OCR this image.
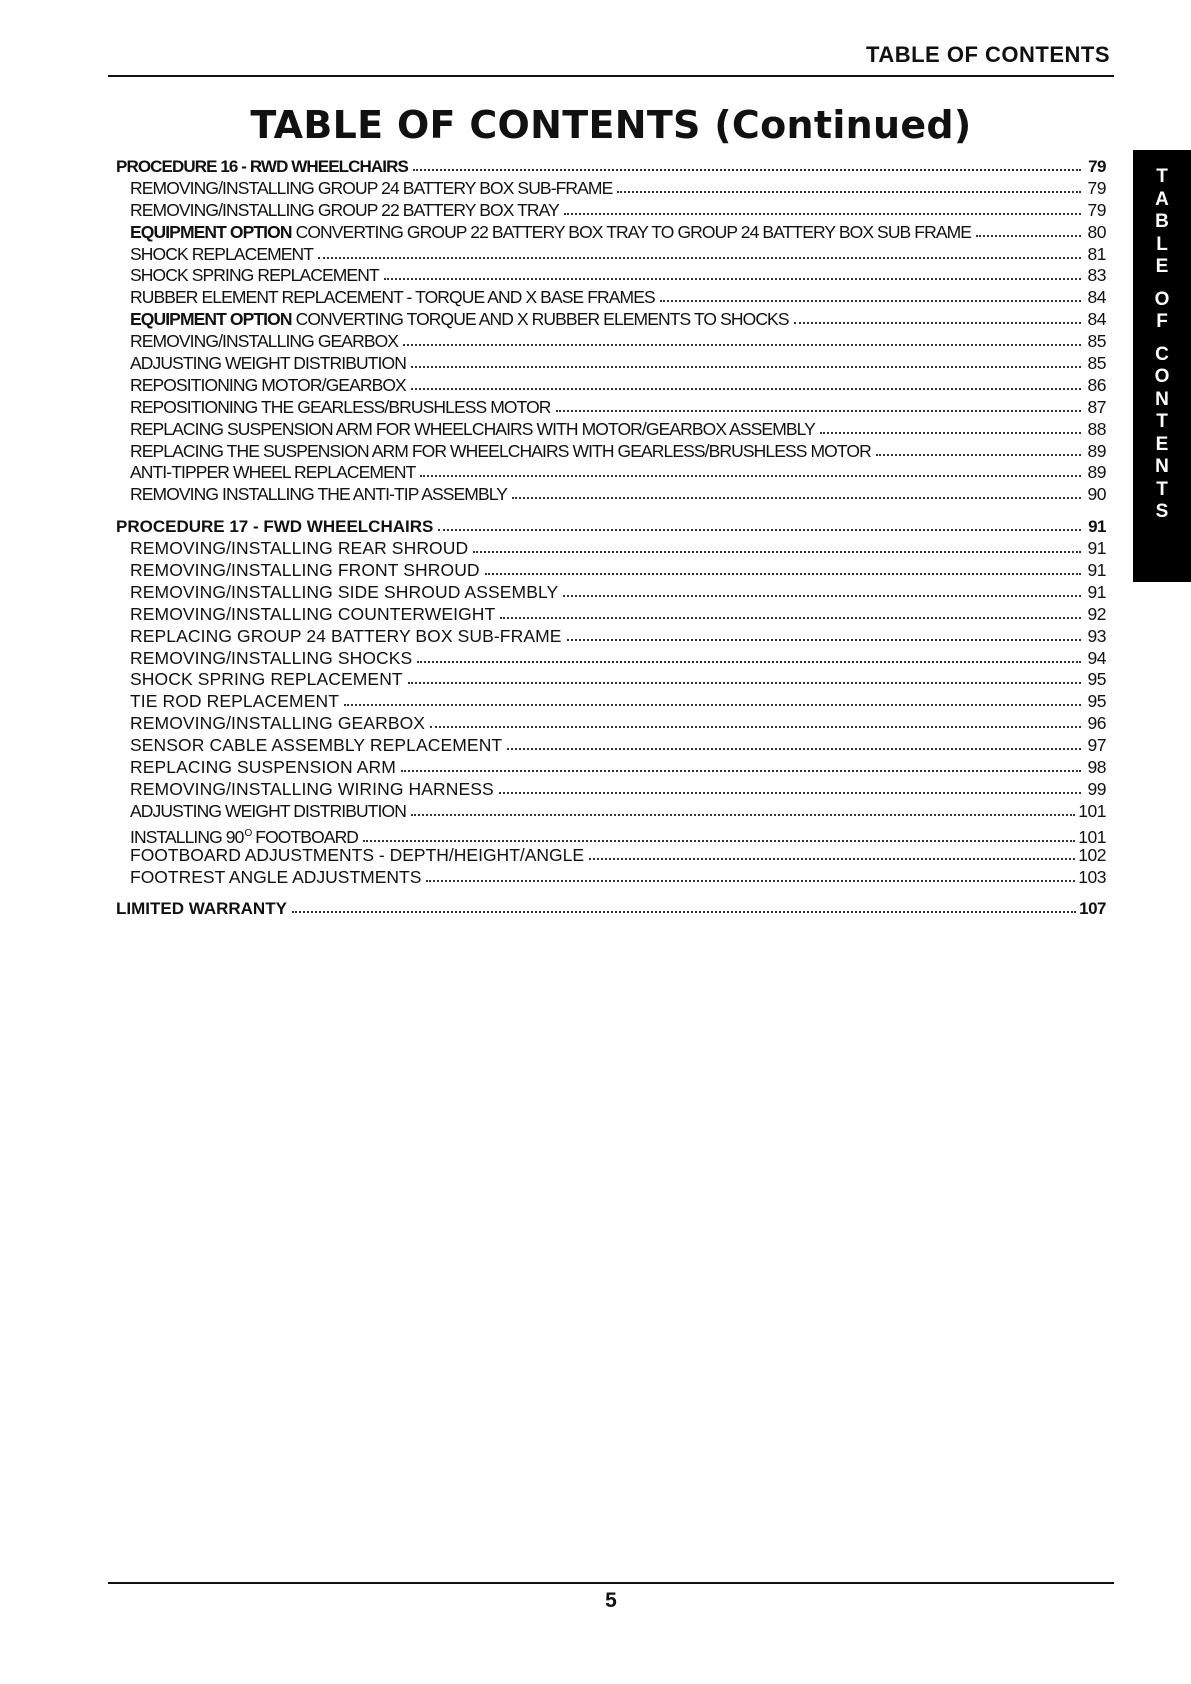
TABLE OF CONTENTS
TABLE OF CONTENTS (Continued)
T
A
B
L
E
O
F
C
O
N
T
E
N
T
S
PROCEDURE 16 - RWD WHEELCHAIRS	79
REMOVING/INSTALLING GROUP 24 BATTERY BOX SUB-FRAME	79
REMOVING/INSTALLING GROUP 22 BATTERY BOX TRAY	79
EQUIPMENT OPTION CONVERTING GROUP 22 BATTERY BOX TRAY TO GROUP 24 BATTERY BOX SUB FRAME	80
SHOCK REPLACEMENT	81
SHOCK SPRING REPLACEMENT	83
RUBBER ELEMENT REPLACEMENT - TORQUE AND X BASE FRAMES	84
EQUIPMENT OPTION CONVERTING TORQUE AND X RUBBER ELEMENTS TO SHOCKS	84
REMOVING/INSTALLING GEARBOX	85
ADJUSTING WEIGHT DISTRIBUTION	85
REPOSITIONING MOTOR/GEARBOX	86
REPOSITIONING THE GEARLESS/BRUSHLESS MOTOR	87
REPLACING SUSPENSION ARM FOR WHEELCHAIRS WITH MOTOR/GEARBOX ASSEMBLY	88
REPLACING THE SUSPENSION ARM FOR WHEELCHAIRS WITH GEARLESS/BRUSHLESS MOTOR	89
ANTI-TIPPER WHEEL REPLACEMENT	89
REMOVING INSTALLING THE ANTI-TIP ASSEMBLY	90
PROCEDURE 17 - FWD WHEELCHAIRS	91
REMOVING/INSTALLING REAR SHROUD	91
REMOVING/INSTALLING FRONT SHROUD	91
REMOVING/INSTALLING SIDE SHROUD ASSEMBLY	91
REMOVING/INSTALLING COUNTERWEIGHT	92
REPLACING GROUP 24 BATTERY BOX SUB-FRAME	93
REMOVING/INSTALLING SHOCKS	94
SHOCK SPRING REPLACEMENT	95
TIE ROD REPLACEMENT	95
REMOVING/INSTALLING GEARBOX	96
SENSOR CABLE ASSEMBLY REPLACEMENT	97
REPLACING SUSPENSION ARM	98
REMOVING/INSTALLING WIRING HARNESS	99
ADJUSTING WEIGHT DISTRIBUTION	101
INSTALLING $90^O$ FOOTBOARD	101
FOOTBOARD ADJUSTMENTS - DEPTH/HEIGHT/ANGLE	102
FOOTREST ANGLE ADJUSTMENTS	103
LIMITED WARRANTY	107
5
